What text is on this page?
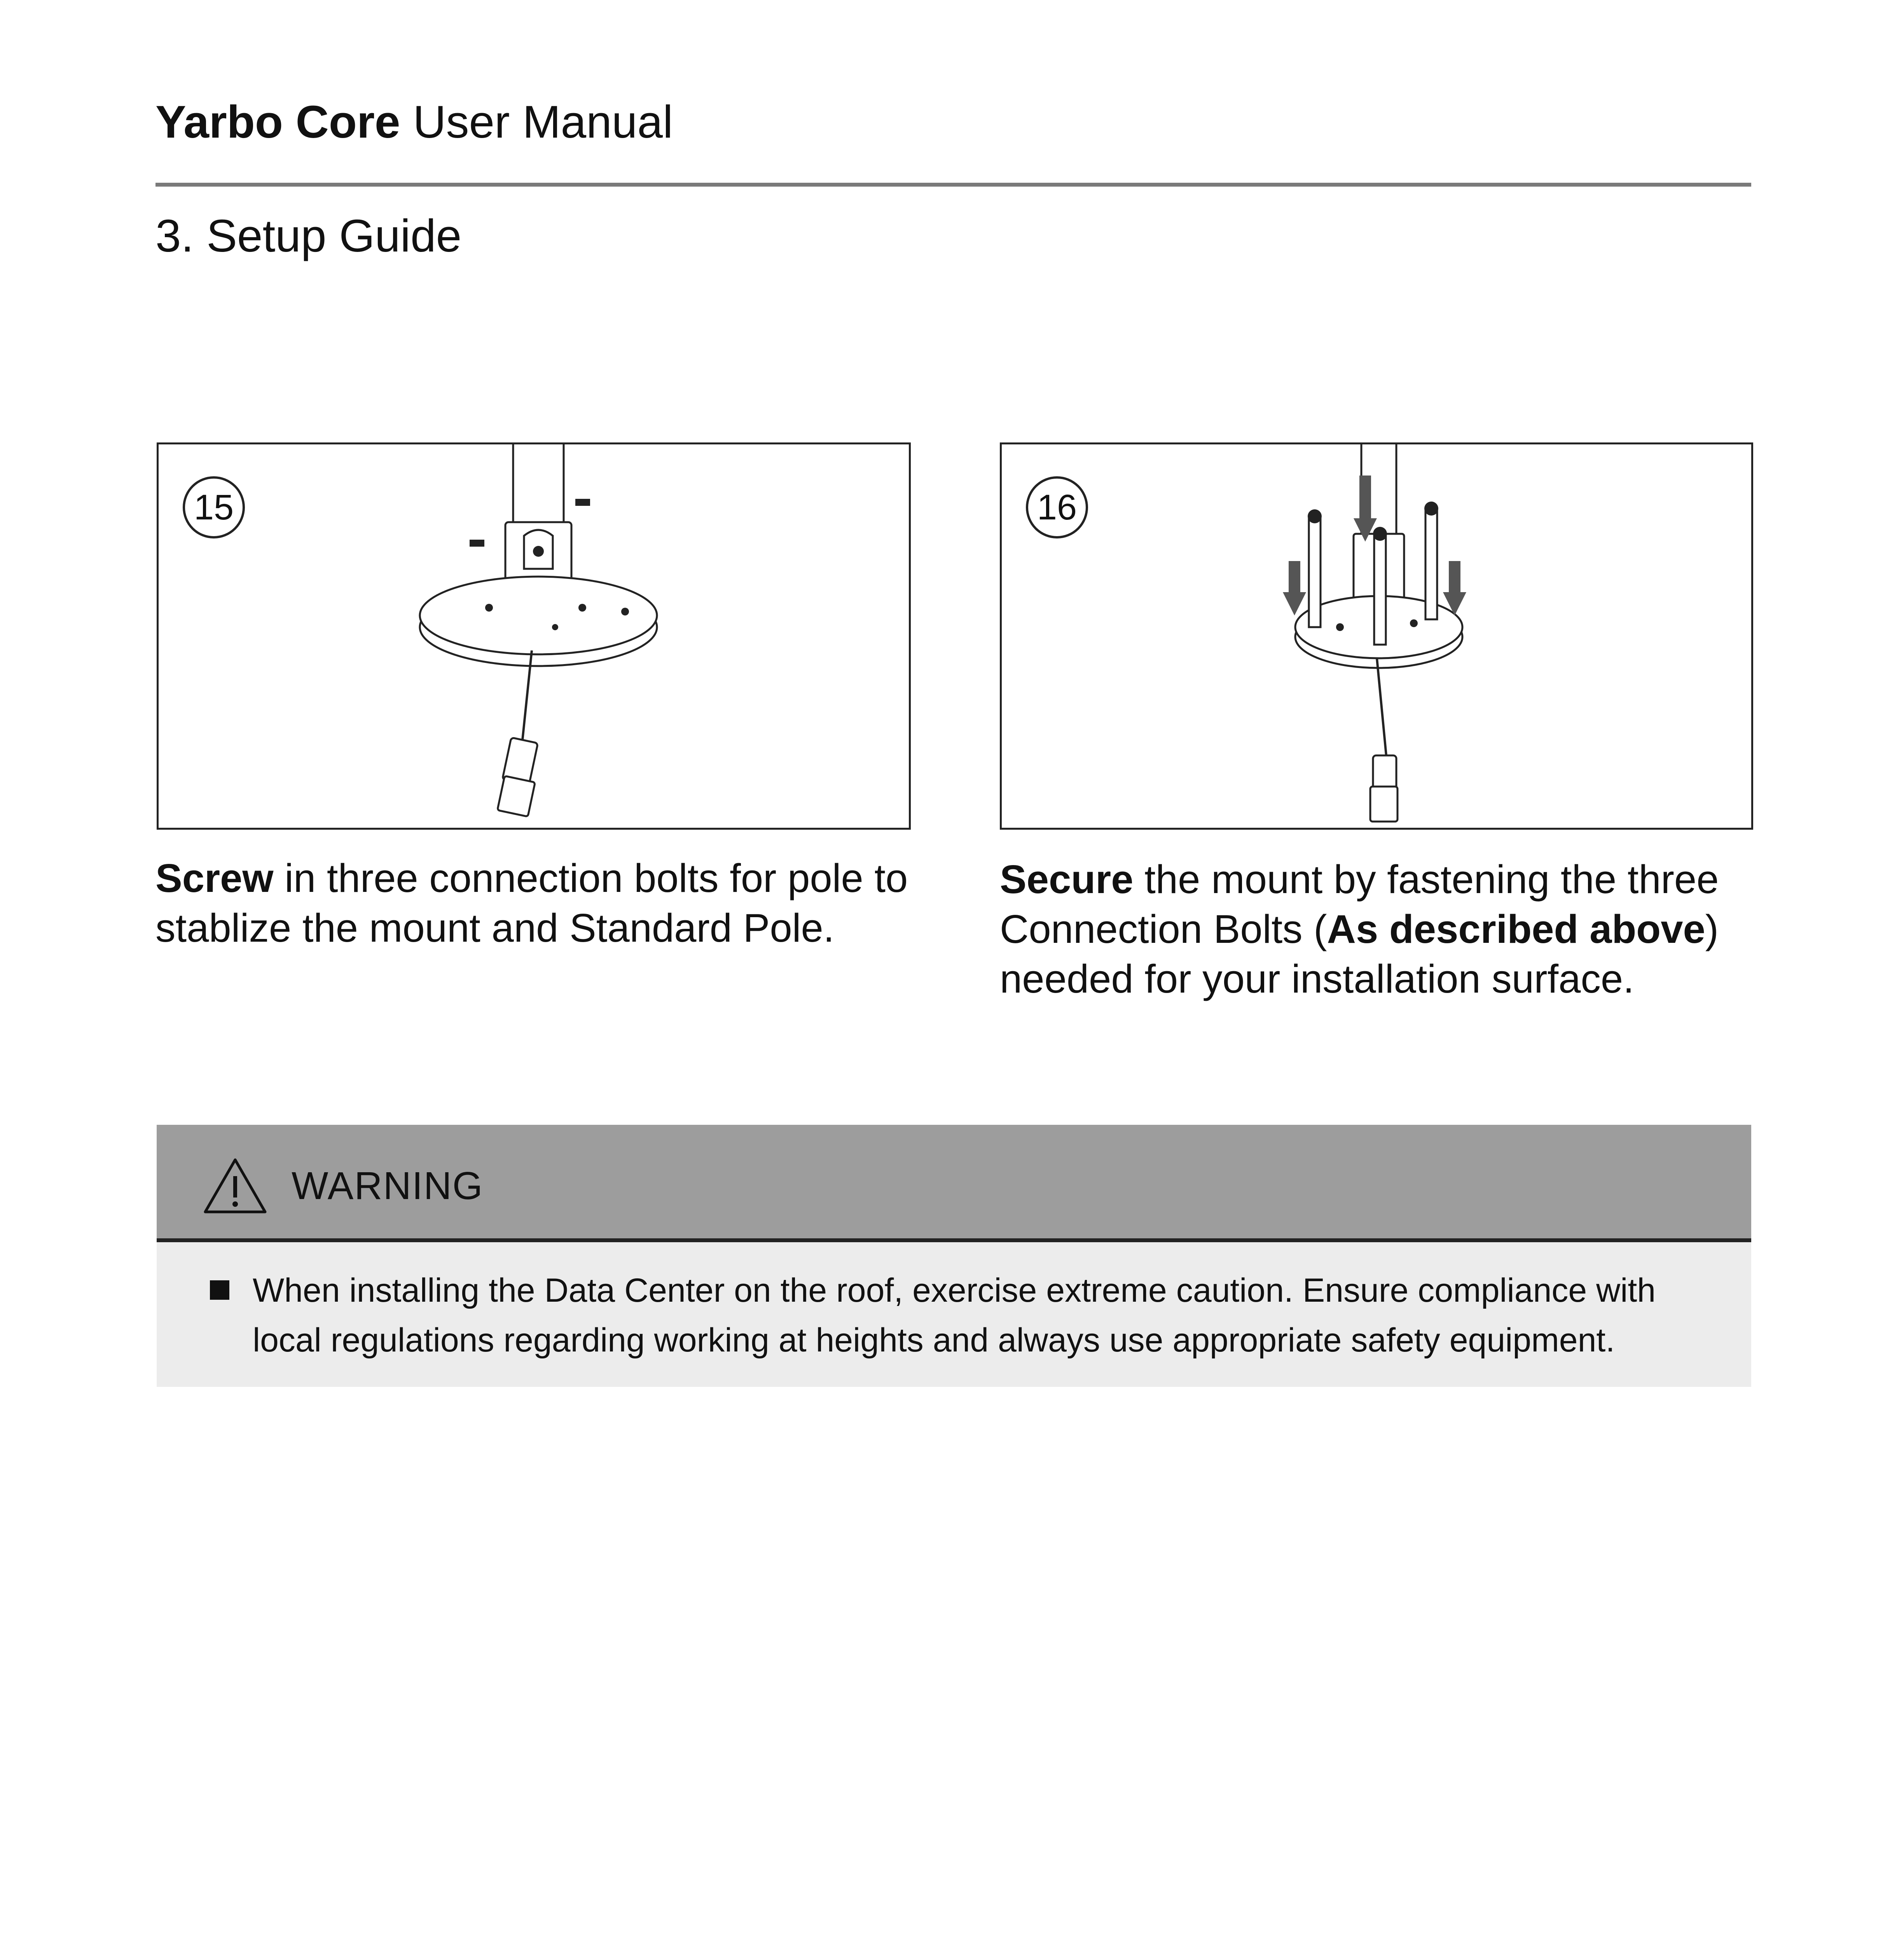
Yarbo Core User Manual
3. Setup Guide
15	16
Screw in three connection bolts for pole to stablize the mount and Standard Pole.
Secure the mount by fastening the three Connection Bolts (As described above) needed for your installation surface.
WARNING
When installing the Data Center on the roof, exercise extreme caution. Ensure compliance with local regulations regarding working at heights and always use appropriate safety equipment.
